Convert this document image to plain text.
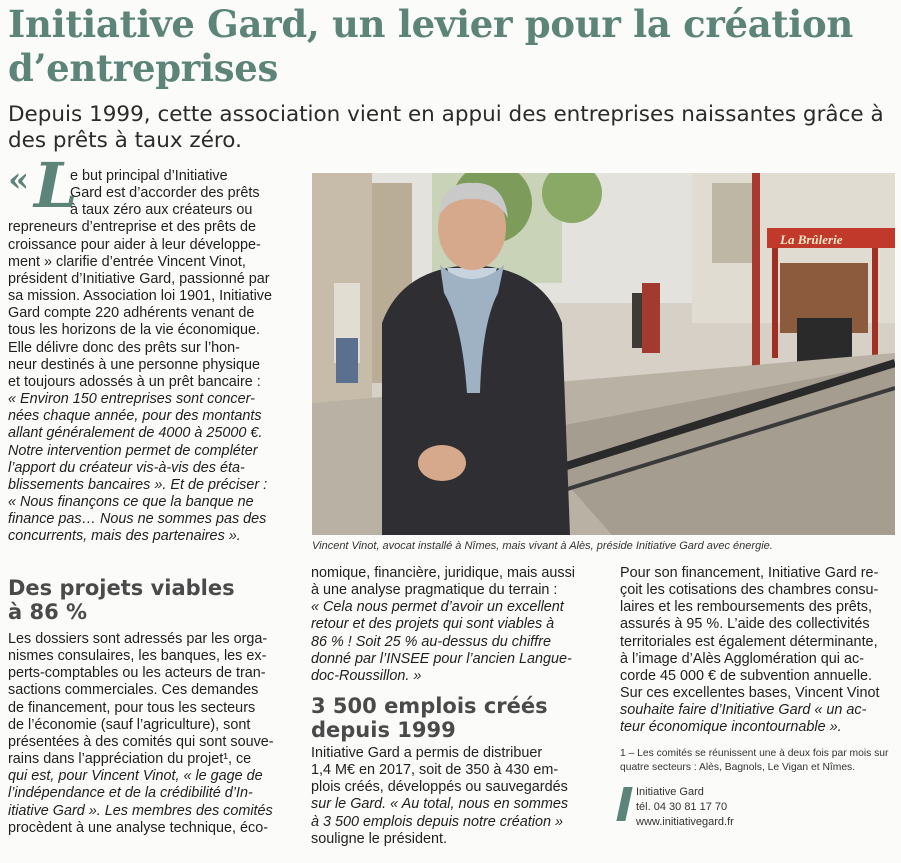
Initiative Gard, un levier pour la création d’entreprises

Depuis 1999, cette association vient en appui des entreprises naissantes grâce à des prêts à taux zéro.

« L
e but principal d’Initiative
Gard est d’accorder des prêts
à taux zéro aux créateurs ou
repreneurs d’entreprise et des prêts de
croissance pour aider à leur développe-
ment » clarifie d’entrée Vincent Vinot,
président d’Initiative Gard, passionné par
sa mission. Association loi 1901, Initiative
Gard compte 220 adhérents venant de
tous les horizons de la vie économique.
Elle délivre donc des prêts sur l’hon-
neur destinés à une personne physique
et toujours adossés à un prêt bancaire :
« Environ 150 entreprises sont concer-
nées chaque année, pour des montants
allant généralement de 4000 à 25000 €.
Notre intervention permet de compléter
l’apport du créateur vis-à-vis des éta-
blissements bancaires ». Et de préciser :
« Nous finançons ce que la banque ne
finance pas… Nous ne sommes pas des
concurrents, mais des partenaires ».
Des projets viables à 86 %
Les dossiers sont adressés par les orga-
nismes consulaires, les banques, les ex-
perts-comptables ou les acteurs de tran-
sactions commerciales. Ces demandes
de financement, pour tous les secteurs
de l’économie (sauf l’agriculture), sont
présentées à des comités qui sont souve-
rains dans l’appréciation du projet¹, ce
qui est, pour Vincent Vinot, « le gage de
l’indépendance et de la crédibilité d’In-
itiative Gard ». Les membres des comités
procèdent à une analyse technique, éco-
La Brûlerie
Vincent Vinot, avocat installé à Nîmes, mais vivant à Alès, préside Initiative Gard avec énergie.
nomique, financière, juridique, mais aussi
à une analyse pragmatique du terrain :
« Cela nous permet d’avoir un excellent
retour et des projets qui sont viables à
86 % ! Soit 25 % au-dessus du chiffre
donné par l’INSEE pour l’ancien Langue-
doc-Roussillon. »
3 500 emplois créés depuis 1999
Initiative Gard a permis de distribuer
1,4 M€ en 2017, soit de 350 à 430 em-
plois créés, développés ou sauvegardés
sur le Gard. « Au total, nous en sommes
à 3 500 emplois depuis notre création »
souligne le président.
Pour son financement, Initiative Gard re-
çoit les cotisations des chambres consu-
laires et les remboursements des prêts,
assurés à 95 %. L’aide des collectivités
territoriales est également déterminante,
à l’image d’Alès Agglomération qui ac-
corde 45 000 € de subvention annuelle.
Sur ces excellentes bases, Vincent Vinot
souhaite faire d’Initiative Gard « un ac-
teur économique incontournable ».
1 – Les comités se réunissent une à deux fois par mois sur quatre secteurs : Alès, Bagnols, Le Vigan et Nîmes.
Initiative Gard
tél. 04 30 81 17 70
www.initiativegard.fr
